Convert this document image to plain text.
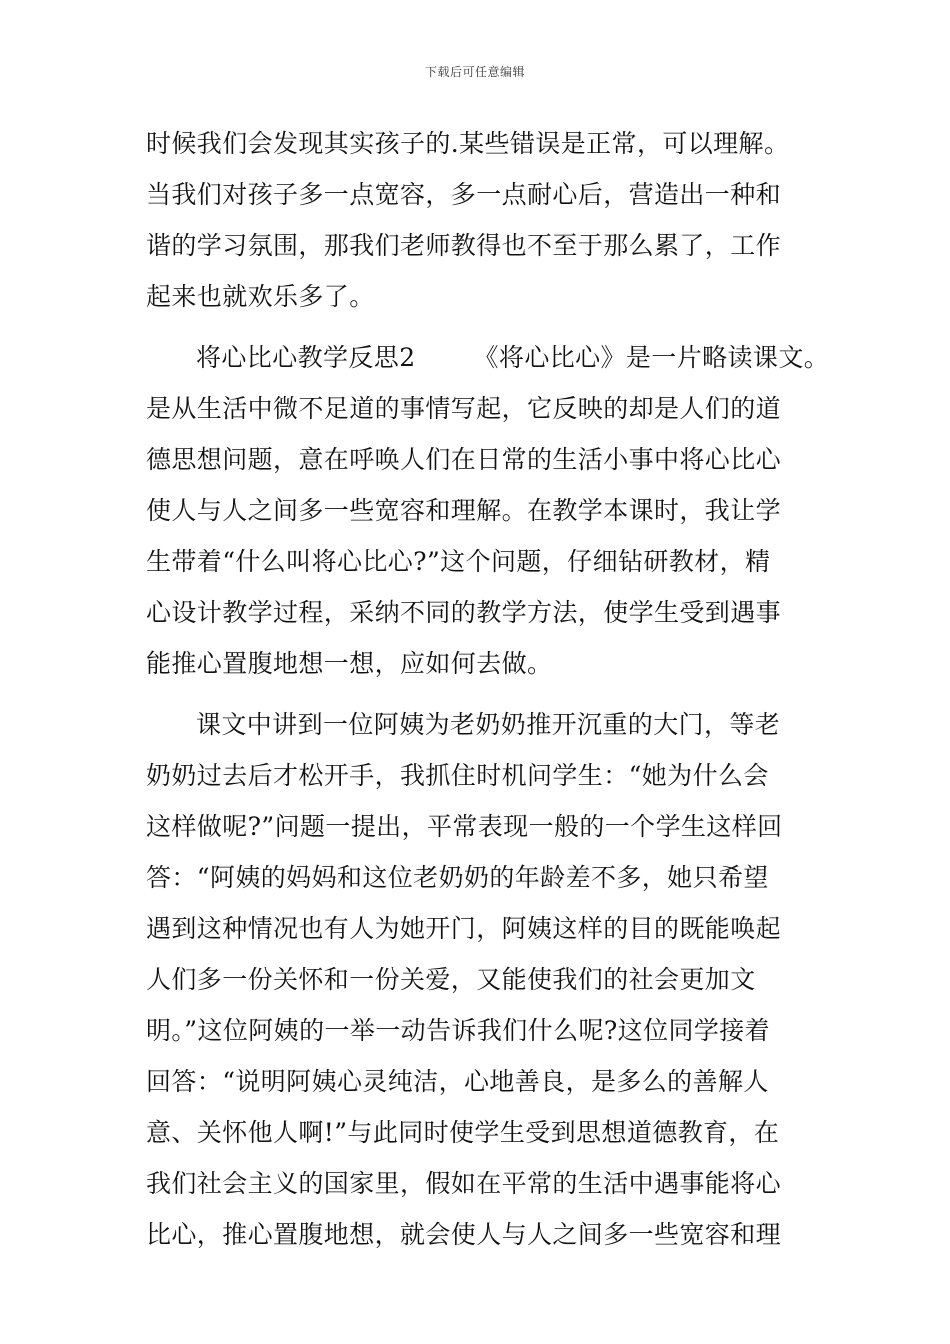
下载后可任意编辑
时候我们会发现其实孩子的.某些错误是正常，可以理解。
当我们对孩子多一点宽容，多一点耐心后，营造出一种和
谐的学习氛围，那我们老师教得也不至于那么累了，工作
起来也就欢乐多了。
将心比心教学反思2 《将心比心》是一片略读课文。
是从生活中微不足道的事情写起，它反映的却是人们的道
德思想问题，意在呼唤人们在日常的生活小事中将心比心
使人与人之间多一些宽容和理解。在教学本课时，我让学
生带着“什么叫将心比心?”这个问题，仔细钻研教材，精
心设计教学过程，采纳不同的教学方法，使学生受到遇事
能推心置腹地想一想，应如何去做。
课文中讲到一位阿姨为老奶奶推开沉重的大门，等老
奶奶过去后才松开手，我抓住时机问学生：“她为什么会
这样做呢?”问题一提出，平常表现一般的一个学生这样回
答：“阿姨的妈妈和这位老奶奶的年龄差不多，她只希望
遇到这种情况也有人为她开门，阿姨这样的目的既能唤起
人们多一份关怀和一份关爱，又能使我们的社会更加文
明。”这位阿姨的一举一动告诉我们什么呢?这位同学接着
回答：“说明阿姨心灵纯洁，心地善良，是多么的善解人
意、关怀他人啊!”与此同时使学生受到思想道德教育，在
我们社会主义的国家里，假如在平常的生活中遇事能将心
比心，推心置腹地想，就会使人与人之间多一些宽容和理
